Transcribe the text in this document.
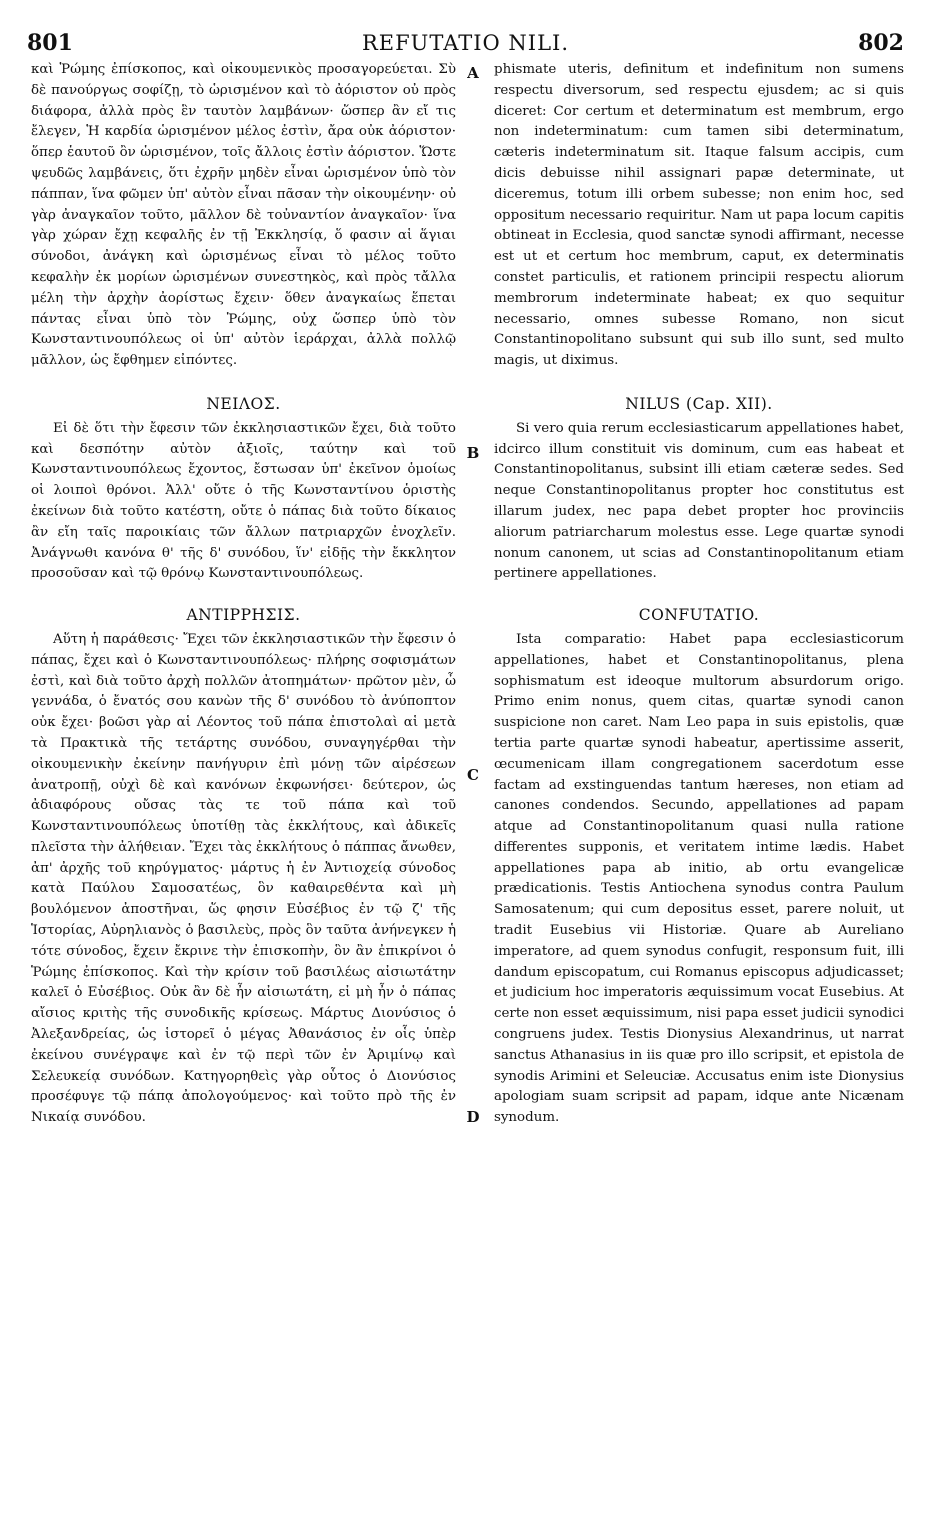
801	REFUTATIO NILI.	802

καὶ Ῥώμης ἐπίσκοπος, καὶ οἰκουμενικὸς προσαγορεύεται. Σὺ δὲ πανούργως σοφίζῃ, τὸ ὡρισμένον καὶ τὸ ἀόριστον οὐ πρὸς διάφορα, ἀλλὰ πρὸς ἓν ταυτὸν λαμβάνων· ὥσπερ ἂν εἴ τις ἔλεγεν, Ἡ καρδία ὡρισμένον μέλος ἐστὶν, ἄρα οὐκ ἀόριστον· ὅπερ ἑαυτοῦ ὂν ὡρισμένον, τοῖς ἄλλοις ἐστὶν ἀόριστον. Ὥστε ψευδῶς λαμβάνεις, ὅτι ἐχρῆν μηδὲν εἶναι ὡρισμένον ὑπὸ τὸν πάππαν, ἵνα φῶμεν ὑπ' αὐτὸν εἶναι πᾶσαν τὴν οἰκουμένην· οὐ γὰρ ἀναγκαῖον τοῦτο, μᾶλλον δὲ τοὐναντίον ἀναγκαῖον· ἵνα γὰρ χώραν ἔχῃ κεφαλῆς ἐν τῇ Ἐκκλησίᾳ, ὅ φασιν αἱ ἅγιαι σύνοδοι, ἀνάγκη καὶ ὡρισμένως εἶναι τὸ μέλος τοῦτο κεφαλὴν ἐκ μορίων ὡρισμένων συνεστηκὸς, καὶ πρὸς τἄλλα μέλη τὴν ἀρχὴν ἀορίστως ἔχειν· ὅθεν ἀναγκαίως ἕπεται πάντας εἶναι ὑπὸ τὸν Ῥώμης, οὐχ ὥσπερ ὑπὸ τὸν Κωνσταντινουπόλεως οἱ ὑπ' αὐτὸν ἱεράρχαι, ἀλλὰ πολλῷ μᾶλλον, ὡς ἔφθημεν εἰπόντες.

ΝΕΙΛΟΣ.

Εἰ δὲ ὅτι τὴν ἔφεσιν τῶν ἐκκλησιαστικῶν ἔχει, διὰ τοῦτο καὶ δεσπότην αὐτὸν ἀξιοῖς, ταύτην καὶ τοῦ Κωνσταντινουπόλεως ἔχοντος, ἔστωσαν ὑπ' ἐκεῖνον ὁμοίως οἱ λοιποὶ θρόνοι. Ἀλλ' οὔτε ὁ τῆς Κωνσταντίνου ὁριστὴς ἐκείνων διὰ τοῦτο κατέστη, οὔτε ὁ πάπας διὰ τοῦτο δίκαιος ἂν εἴη ταῖς παροικίαις τῶν ἄλλων πατριαρχῶν ἐνοχλεῖν. Ἀνάγνωθι κανόνα θ' τῆς δ' συνόδου, ἵν' εἰδῇς τὴν ἔκκλητον προσοῦσαν καὶ τῷ θρόνῳ Κωνσταντινουπόλεως.

ΑΝΤΙΡΡΗΣΙΣ.

Αὕτη ἡ παράθεσις· Ἔχει τῶν ἐκκλησιαστικῶν τὴν ἔφεσιν ὁ πάπας, ἔχει καὶ ὁ Κωνσταντινουπόλεως· πλήρης σοφισμάτων ἐστὶ, καὶ διὰ τοῦτο ἀρχὴ πολλῶν ἀτοπημάτων· πρῶτον μὲν, ὦ γεννάδα, ὁ ἔνατός σου κανὼν τῆς δ' συνόδου τὸ ἀνύποπτον οὐκ ἔχει· βοῶσι γὰρ αἱ Λέοντος τοῦ πάπα ἐπιστολαὶ αἱ μετὰ τὰ Πρακτικὰ τῆς τετάρτης συνόδου, συναγηγέρθαι τὴν οἰκουμενικὴν ἐκείνην πανήγυριν ἐπὶ μόνῃ τῶν αἱρέσεων ἀνατροπῇ, οὐχὶ δὲ καὶ κανόνων ἐκφωνήσει· δεύτερον, ὡς ἀδιαφόρους οὔσας τὰς τε τοῦ πάπα καὶ τοῦ Κωνσταντινουπόλεως ὑποτίθῃ τὰς ἐκκλήτους, καὶ ἀδικεῖς πλεῖστα τὴν ἀλήθειαν. Ἔχει τὰς ἐκκλήτους ὁ πάππας ἄνωθεν, ἀπ' ἀρχῆς τοῦ κηρύγματος· μάρτυς ἡ ἐν Ἀντιοχείᾳ σύνοδος κατὰ Παύλου Σαμοσατέως, ὃν καθαιρεθέντα καὶ μὴ βουλόμενον ἀποστῆναι, ὥς φησιν Εὐσέβιος ἐν τῷ ζ' τῆς Ἱστορίας, Αὐρηλιανὸς ὁ βασιλεὺς, πρὸς ὃν ταῦτα ἀνήνεγκεν ἡ τότε σύνοδος, ἔχειν ἔκρινε τὴν ἐπισκοπὴν, ὃν ἂν ἐπικρίνοι ὁ Ῥώμης ἐπίσκοπος. Καὶ τὴν κρίσιν τοῦ βασιλέως αἰσιωτάτην καλεῖ ὁ Εὐσέβιος. Οὐκ ἂν δὲ ἦν αἰσιωτάτη, εἰ μὴ ἦν ὁ πάπας αἴσιος κριτὴς τῆς συνοδικῆς κρίσεως. Μάρτυς Διονύσιος ὁ Ἀλεξανδρείας, ὡς ἱστορεῖ ὁ μέγας Ἀθανάσιος ἐν οἷς ὑπὲρ ἐκείνου συνέγραψε καὶ ἐν τῷ περὶ τῶν ἐν Ἀριμίνῳ καὶ Σελευκείᾳ συνόδων. Κατηγορηθεὶς γὰρ οὗτος ὁ Διονύσιος προσέφυγε τῷ πάπᾳ ἀπολογούμενος· καὶ τοῦτο πρὸ τῆς ἐν Νικαίᾳ συνόδου.

A
B
C
D

phismate uteris, definitum et indefinitum non sumens respectu diversorum, sed respectu ejusdem; ac si quis diceret: Cor certum et determinatum est membrum, ergo non indeterminatum: cum tamen sibi determinatum, cæteris indeterminatum sit. Itaque falsum accipis, cum dicis debuisse nihil assignari papæ determinate, ut diceremus, totum illi orbem subesse; non enim hoc, sed oppositum necessario requiritur. Nam ut papa locum capitis obtineat in Ecclesia, quod sanctæ synodi affirmant, necesse est ut et certum hoc membrum, caput, ex determinatis constet particulis, et rationem principii respectu aliorum membrorum indeterminate habeat; ex quo sequitur necessario, omnes subesse Romano, non sicut Constantinopolitano subsunt qui sub illo sunt, sed multo magis, ut diximus.

NILUS (Cap. XII).

Si vero quia rerum ecclesiasticarum appellationes habet, idcirco illum constituit vis dominum, cum eas habeat et Constantinopolitanus, subsint illi etiam cæteræ sedes. Sed neque Constantinopolitanus propter hoc constitutus est illarum judex, nec papa debet propter hoc provinciis aliorum patriarcharum molestus esse. Lege quartæ synodi nonum canonem, ut scias ad Constantinopolitanum etiam pertinere appellationes.

CONFUTATIO.

Ista comparatio: Habet papa ecclesiasticorum appellationes, habet et Constantinopolitanus, plena sophismatum est ideoque multorum absurdorum origo. Primo enim nonus, quem citas, quartæ synodi canon suspicione non caret. Nam Leo papa in suis epistolis, quæ tertia parte quartæ synodi habeatur, apertissime asserit, œcumenicam illam congregationem sacerdotum esse factam ad exstinguendas tantum hæreses, non etiam ad canones condendos. Secundo, appellationes ad papam atque ad Constantinopolitanum quasi nulla ratione differentes supponis, et veritatem intime lædis. Habet appellationes papa ab initio, ab ortu evangelicæ prædicationis. Testis Antiochena synodus contra Paulum Samosatenum; qui cum depositus esset, parere noluit, ut tradit Eusebius vii Historiæ. Quare ab Aureliano imperatore, ad quem synodus confugit, responsum fuit, illi dandum episcopatum, cui Romanus episcopus adjudicasset; et judicium hoc imperatoris æquissimum vocat Eusebius. At certe non esset æquissimum, nisi papa esset judicii synodici congruens judex. Testis Dionysius Alexandrinus, ut narrat sanctus Athanasius in iis quæ pro illo scripsit, et epistola de synodis Arimini et Seleuciæ. Accusatus enim iste Dionysius apologiam suam scripsit ad papam, idque ante Nicænam synodum.
